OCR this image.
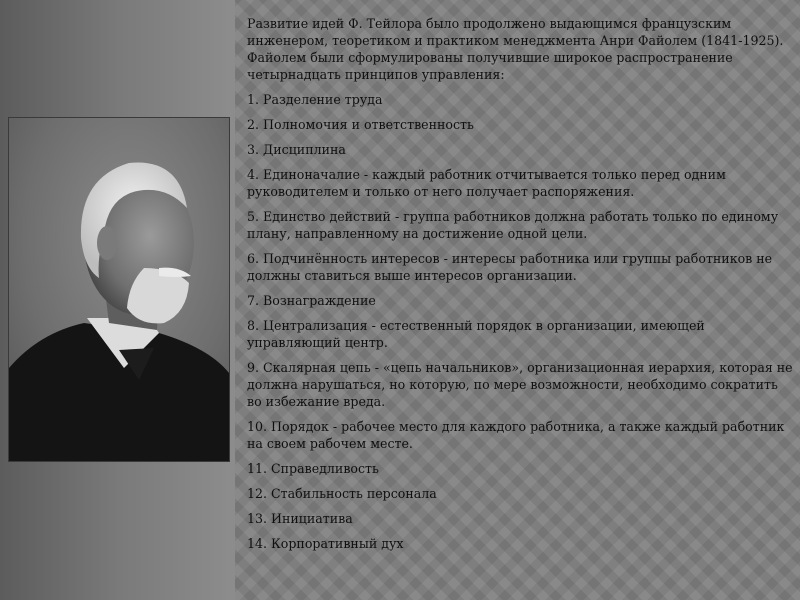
Развитие идей Ф. Тейлора было продолжено выдающимся французским инженером, теоретиком и практиком менеджмента Анри Файолем (1841-1925). Файолем были сформулированы получившие широкое распространение четырнадцать принципов управления:

1. Разделение труда
2. Полномочия и ответственность
3. Дисциплина
4. Единоначалие - каждый работник отчитывается только перед одним руководителем и только от него получает распоряжения.
5. Единство действий - группа работников должна работать только по единому плану, направленному на достижение одной цели.
6. Подчинённость интересов - интересы работника или группы работников не должны ставиться выше интересов организации.
7. Вознаграждение
8. Централизация - естественный порядок в организации, имеющей управляющий центр.
9. Скалярная цепь - «цепь начальников», организационная иерархия, которая не должна нарушаться, но которую, по мере возможности, необходимо сократить во избежание вреда.
10. Порядок - рабочее место для каждого работника, а также каждый работник на своем рабочем месте.
11. Справедливость
12. Стабильность персонала
13. Инициатива
14. Корпоративный дух
